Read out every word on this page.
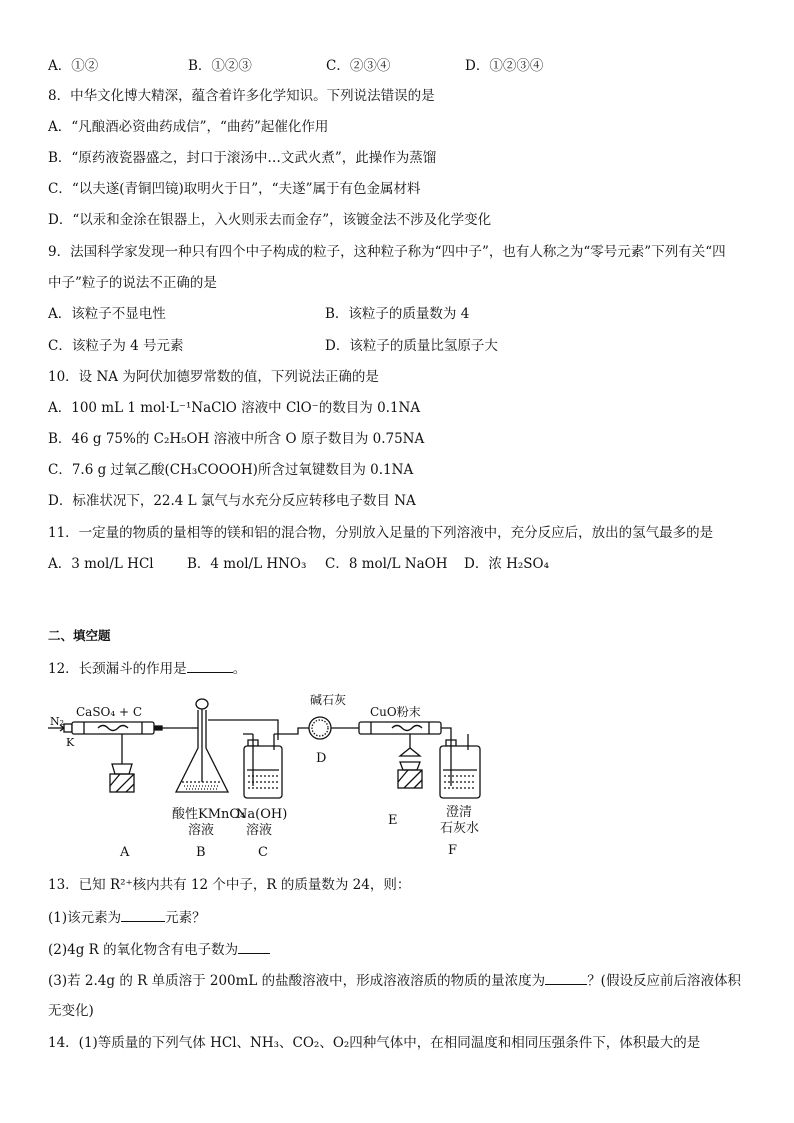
A．①②	B．①②③	C．②③④	D．①②③④
8．中华文化博大精深，蕴含着许多化学知识。下列说法错误的是
A．“凡酿酒必资曲药成信”，“曲药”起催化作用
B．“原药液瓷器盛之，封口于滚汤中…文武火煮”，此操作为蒸馏
C．“以夫遂(青铜凹镜)取明火于日”，“夫遂”属于有色金属材料
D．“以汞和金涂在银器上，入火则汞去而金存”，该镀金法不涉及化学变化
9．法国科学家发现一种只有四个中子构成的粒子，这种粒子称为“四中子”，也有人称之为“零号元素”下列有关“四
中子”粒子的说法不正确的是
A．该粒子不显电性	B．该粒子的质量数为 4
C．该粒子为 4 号元素	D．该粒子的质量比氢原子大
10．设 NA 为阿伏加德罗常数的值，下列说法正确的是
A．100 mL 1 mol·L⁻¹NaClO 溶液中 ClO⁻的数目为 0.1NA
B．46 g 75%的 C₂H₅OH 溶液中所含 O 原子数目为 0.75NA
C．7.6 g 过氧乙酸(CH₃COOOH)所含过氧键数目为 0.1NA
D．标准状况下，22.4 L 氯气与水充分反应转移电子数目 NA
11．一定量的物质的量相等的镁和铝的混合物，分别放入足量的下列溶液中，充分反应后，放出的氢气最多的是
A．3 mol/L HCl B．4 mol/L HNO₃ C．8 mol/L NaOH D．浓 H₂SO₄
二、填空题
12．长颈漏斗的作用是	。
N₂
K
CaSO₄ + C
碱石灰
CuO粉末
酸性KMnO₄
溶液
Na(OH)
溶液
澄清
石灰水
A	B	C
D
E
F
13．已知 R²⁺核内共有 12 个中子，R 的质量数为 24，则：
(1)该元素为	元素？
(2)4g R 的氧化物含有电子数为
(3)若 2.4g 的 R 单质溶于 200mL 的盐酸溶液中，形成溶液溶质的物质的量浓度为	？(假设反应前后溶液体积
无变化)
14．(1)等质量的下列气体 HCl、NH₃、CO₂、O₂四种气体中，在相同温度和相同压强条件下，体积最大的是
